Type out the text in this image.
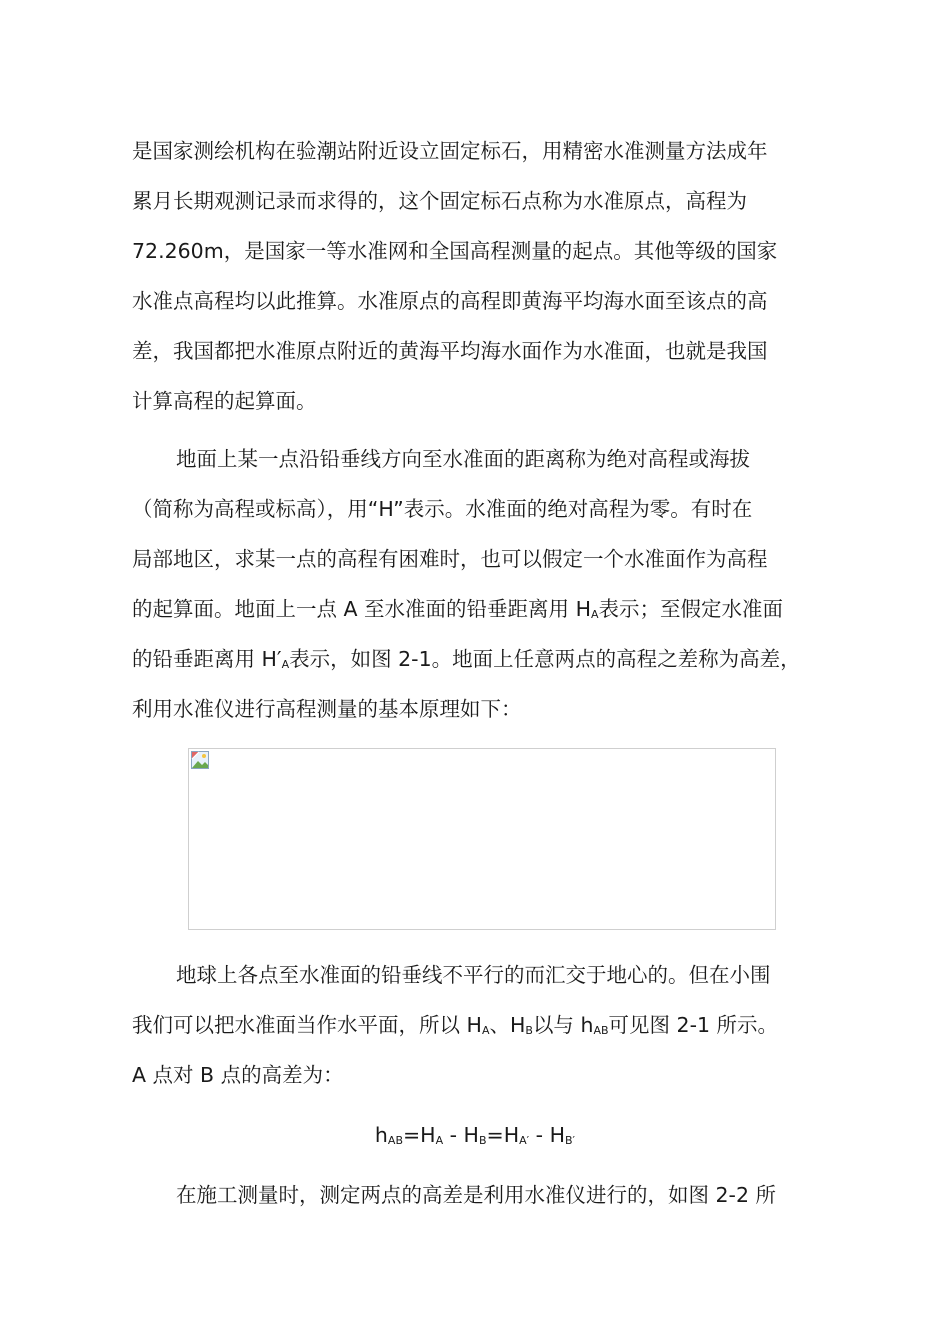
是国家测绘机构在验潮站附近设立固定标石，用精密水准测量方法成年
累月长期观测记录而求得的，这个固定标石点称为水准原点，高程为
72.260m，是国家一等水准网和全国高程测量的起点。其他等级的国家
水准点高程均以此推算。水准原点的高程即黄海平均海水面至该点的高
差，我国都把水准原点附近的黄海平均海水面作为水准面，也就是我国
计算高程的起算面。
地面上某一点沿铅垂线方向至水准面的距离称为绝对高程或海拔
（简称为高程或标高），用“H”表示。水准面的绝对高程为零。有时在
局部地区，求某一点的高程有困难时，也可以假定一个水准面作为高程
的起算面。地面上一点 A 至水准面的铅垂距离用 $H_A$表示；至假定水准面
的铅垂距离用 $H'_A$表示，如图 2-1。地面上任意两点的高程之差称为高差，
利用水准仪进行高程测量的基本原理如下：
地球上各点至水准面的铅垂线不平行的而汇交于地心的。但在小围
我们可以把水准面当作水平面，所以 $H_A$、$H_B$以与 $h_{AB}$可见图 2-1 所示。
A 点对 B 点的高差为：
$h_{AB}=H_A - H_B=H_{A'} - H_{B'}$
在施工测量时，测定两点的高差是利用水准仪进行的，如图 2-2 所
